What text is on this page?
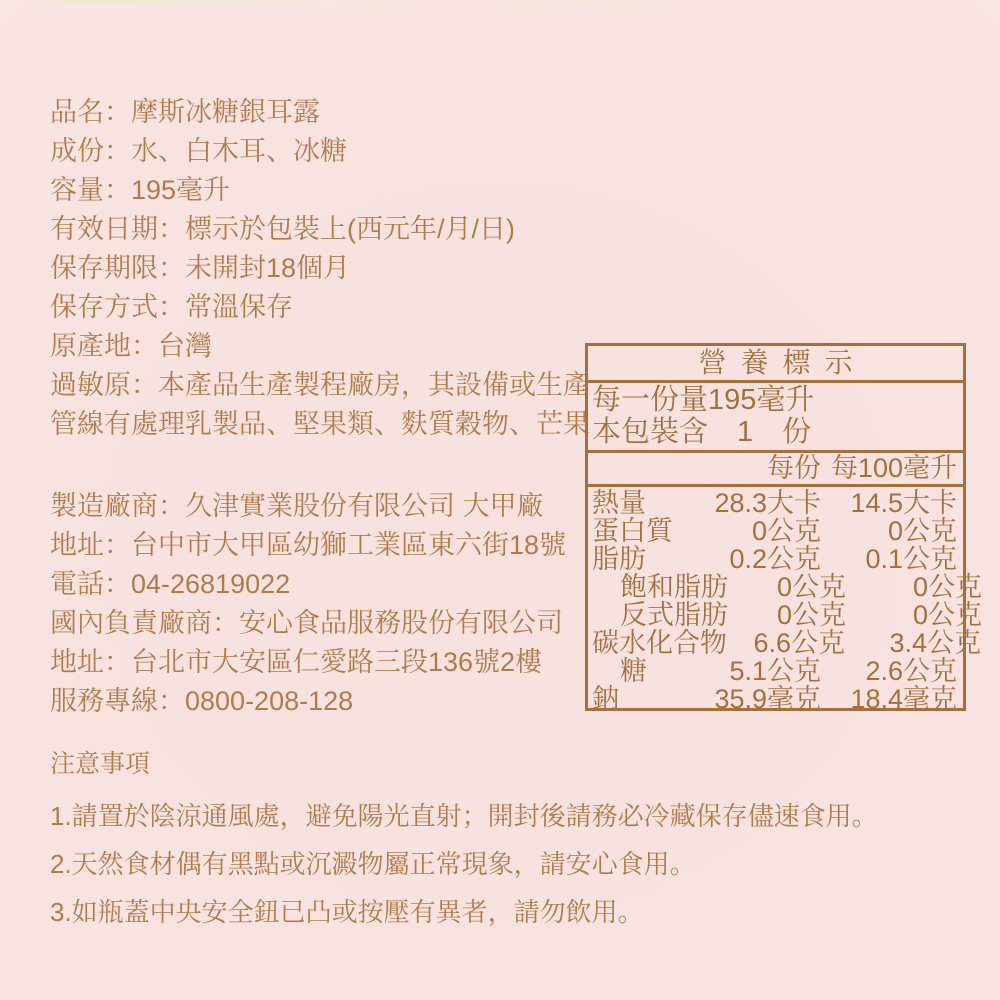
品名：摩斯冰糖銀耳露
成份：水、白木耳、冰糖
容量：195毫升
有效日期：標示於包裝上(西元年/月/日)
保存期限：未開封18個月
保存方式：常溫保存
原產地：台灣
過敏原：本產品生產製程廠房，其設備或生產
管線有處理乳製品、堅果類、麩質穀物、芒果
製造廠商：久津實業股份有限公司 大甲廠
地址：台中市大甲區幼獅工業區東六街18號
電話：04-26819022
國內負責廠商：安心食品服務股份有限公司
地址：台北市大安區仁愛路三段136號2樓
服務專線：0800-208-128
營養標示
每一份量195毫升
本包裝含　1　份
每份 每100毫升
熱量	28.3大卡	14.5大卡
蛋白質	0公克	0公克
脂肪	0.2公克	0.1公克
飽和脂肪	0公克	0公克
反式脂肪	0公克	0公克
碳水化合物 6.6公克	3.4公克
糖	5.1公克	2.6公克
鈉	35.9毫克	18.4毫克
注意事項
1.請置於陰涼通風處，避免陽光直射；開封後請務必冷藏保存儘速食用。
2.天然食材偶有黑點或沉澱物屬正常現象，請安心食用。
3.如瓶蓋中央安全鈕已凸或按壓有異者，請勿飲用。
